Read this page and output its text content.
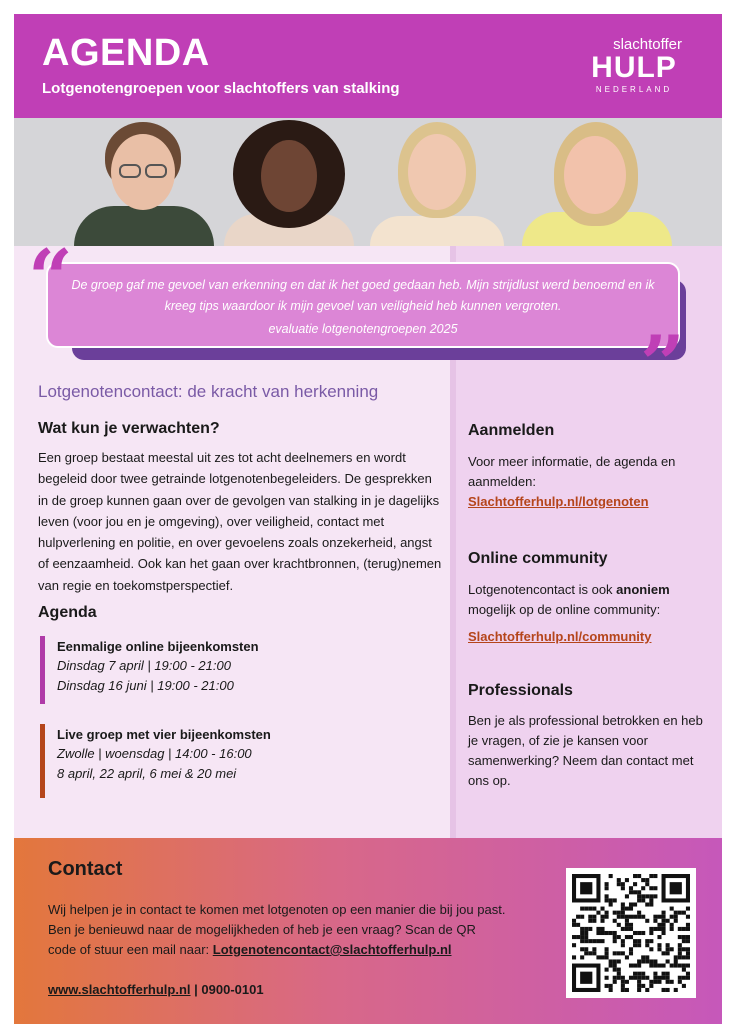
AGENDA
Lotgenotengroepen voor slachtoffers van stalking
slachtoffer
HULP
NEDERLAND
De groep gaf me gevoel van erkenning en dat ik het goed gedaan heb. Mijn strijdlust werd benoemd en ik kreeg tips waardoor ik mijn gevoel van veiligheid heb kunnen vergroten.
evaluatie lotgenotengroepen 2025
“
”
Lotgenotencontact: de kracht van herkenning
Wat kun je verwachten?
Een groep bestaat meestal uit zes tot acht deelnemers en wordt begeleid door twee getrainde lotgenotenbegeleiders. De gesprekken in de groep kunnen gaan over de gevolgen van stalking in je dagelijks leven (voor jou en je omgeving), over veiligheid, contact met hulpverlening en politie, en over gevoelens zoals onzekerheid, angst of eenzaamheid. Ook kan het gaan over krachtbronnen, (terug)nemen van regie en toekomstperspectief.
Agenda
Eenmalige online bijeenkomsten
Dinsdag 7 april | 19:00 - 21:00
Dinsdag 16 juni | 19:00 - 21:00
Live groep met vier bijeenkomsten
Zwolle | woensdag | 14:00 - 16:00
8 april, 22 april, 6 mei & 20 mei
Aanmelden
Voor meer informatie, de agenda en aanmelden:
Slachtofferhulp.nl/lotgenoten
Online community
Lotgenotencontact is ook anoniem mogelijk op de online community:
Slachtofferhulp.nl/community
Professionals
Ben je als professional betrokken en heb je vragen, of zie je kansen voor samenwerking? Neem dan contact met ons op.
Contact
Wij helpen je in contact te komen met lotgenoten op een manier die bij jou past. Ben je benieuwd naar de mogelijkheden of heb je een vraag? Scan de QR code of stuur een mail naar: Lotgenotencontact@slachtofferhulp.nl
www.slachtofferhulp.nl | 0900-0101
